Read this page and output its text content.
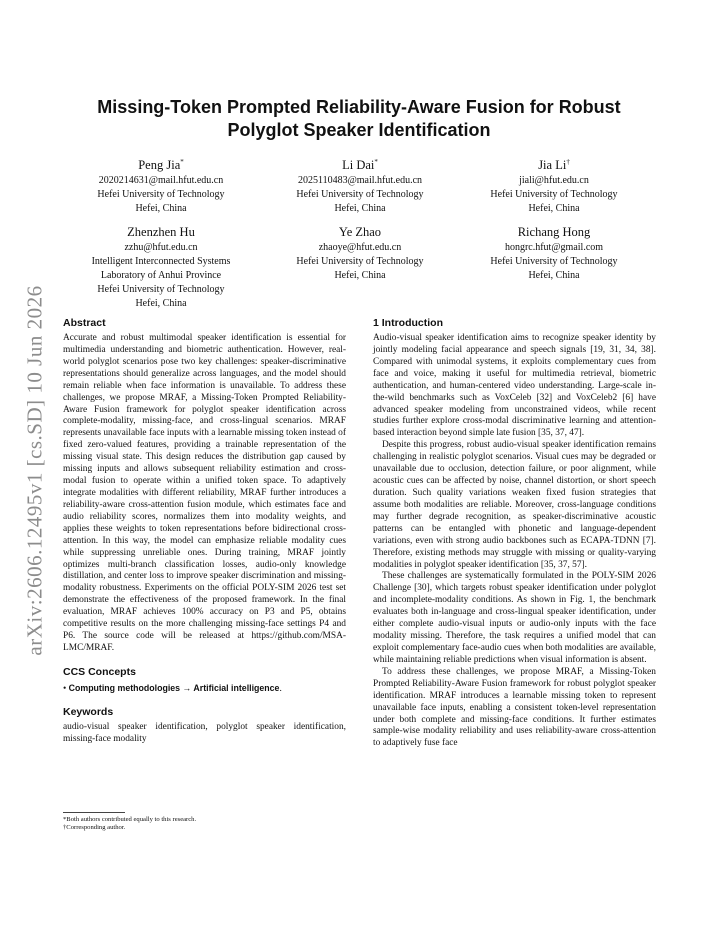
arXiv:2606.12495v1 [cs.SD] 10 Jun 2026
Missing-Token Prompted Reliability-Aware Fusion for Robust Polyglot Speaker Identification
Peng Jia*
2020214631@mail.hfut.edu.cn
Hefei University of Technology
Hefei, China
Li Dai*
2025110483@mail.hfut.edu.cn
Hefei University of Technology
Hefei, China
Jia Li†
jiali@hfut.edu.cn
Hefei University of Technology
Hefei, China
Zhenzhen Hu
zzhu@hfut.edu.cn
Intelligent Interconnected Systems
Laboratory of Anhui Province
Hefei University of Technology
Hefei, China
Ye Zhao
zhaoye@hfut.edu.cn
Hefei University of Technology
Hefei, China
Richang Hong
hongrc.hfut@gmail.com
Hefei University of Technology
Hefei, China
Abstract

Accurate and robust multimodal speaker identification is essential for multimedia understanding and biometric authentication. However, real-world polyglot scenarios pose two key challenges: speaker-discriminative representations should generalize across languages, and the model should remain reliable when face information is unavailable. To address these challenges, we propose MRAF, a Missing-Token Prompted Reliability-Aware Fusion framework for polyglot speaker identification across complete-modality, missing-face, and cross-lingual scenarios. MRAF represents unavailable face inputs with a learnable missing token instead of fixed zero-valued features, providing a trainable representation of the missing visual state. This design reduces the distribution gap caused by missing inputs and allows subsequent reliability estimation and cross-modal fusion to operate within a unified token space. To adaptively integrate modalities with different reliability, MRAF further introduces a reliability-aware cross-attention fusion module, which estimates face and audio reliability scores, normalizes them into modality weights, and applies these weights to token representations before bidirectional cross-attention. In this way, the model can emphasize reliable modality cues while suppressing unreliable ones. During training, MRAF jointly optimizes multi-branch classification losses, audio-only knowledge distillation, and center loss to improve speaker discrimination and missing-modality robustness. Experiments on the official POLY-SIM 2026 test set demonstrate the effectiveness of the proposed framework. In the final evaluation, MRAF achieves 100% accuracy on P3 and P5, obtains competitive results on the more challenging missing-face settings P4 and P6. The source code will be released at https://github.com/MSA-LMC/MRAF.

CCS Concepts
• Computing methodologies → Artificial intelligence.
Keywords

audio-visual speaker identification, polyglot speaker identification, missing-face modality

*Both authors contributed equally to this research.
†Corresponding author.
1 Introduction

Audio-visual speaker identification aims to recognize speaker identity by jointly modeling facial appearance and speech signals [19, 31, 34, 38]. Compared with unimodal systems, it exploits complementary cues from face and voice, making it useful for multimedia retrieval, biometric authentication, and human-centered video understanding. Large-scale in-the-wild benchmarks such as VoxCeleb [32] and VoxCeleb2 [6] have advanced speaker modeling from unconstrained videos, while recent studies further explore cross-modal discriminative learning and attention-based interaction beyond simple late fusion [35, 37, 47].

Despite this progress, robust audio-visual speaker identification remains challenging in realistic polyglot scenarios. Visual cues may be degraded or unavailable due to occlusion, detection failure, or poor alignment, while acoustic cues can be affected by noise, channel distortion, or short speech duration. Such quality variations weaken fixed fusion strategies that assume both modalities are reliable. Moreover, cross-language conditions may further degrade recognition, as speaker-discriminative acoustic patterns can be entangled with phonetic and language-dependent variations, even with strong audio backbones such as ECAPA-TDNN [7]. Therefore, existing methods may struggle with missing or quality-varying modalities in polyglot speaker identification [35, 37, 57].

These challenges are systematically formulated in the POLY-SIM 2026 Challenge [30], which targets robust speaker identification under polyglot and incomplete-modality conditions. As shown in Fig. 1, the benchmark evaluates both in-language and cross-lingual speaker identification, under either complete audio-visual inputs or audio-only inputs with the face modality missing. Therefore, the task requires a unified model that can exploit complementary face-audio cues when both modalities are available, while maintaining reliable predictions when visual information is absent.

To address these challenges, we propose MRAF, a Missing-Token Prompted Reliability-Aware Fusion framework for robust polyglot speaker identification. MRAF introduces a learnable missing token to represent unavailable face inputs, enabling a consistent token-level representation under both complete and missing-face conditions. It further estimates sample-wise modality reliability and uses reliability-aware cross-attention to adaptively fuse face
